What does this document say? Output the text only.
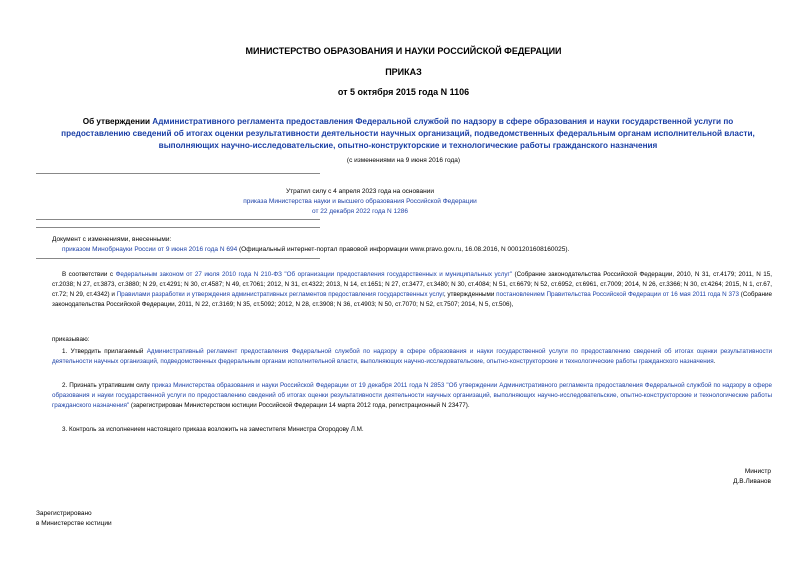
МИНИСТЕРСТВО ОБРАЗОВАНИЯ И НАУКИ РОССИЙСКОЙ ФЕДЕРАЦИИ
ПРИКАЗ
от 5 октября 2015 года N 1106
Об утверждении Административного регламента предоставления Федеральной службой по надзору в сфере образования и науки государственной услуги по предоставлению сведений об итогах оценки результативности деятельности научных организаций, подведомственных федеральным органам исполнительной власти, выполняющих научно-исследовательские, опытно-конструкторские и технологические работы гражданского назначения
(с изменениями на 9 июня 2016 года)
Утратил силу с 4 апреля 2023 года на основании
приказа Министерства науки и высшего образования Российской Федерации
от 22 декабря 2022 года N 1286
Документ с изменениями, внесенными:
приказом Минобрнауки России от 9 июня 2016 года N 694 (Официальный интернет-портал правовой информации www.pravo.gov.ru, 16.08.2016, N 0001201608160025).
В соответствии с Федеральным законом от 27 июля 2010 года N 210-ФЗ "Об организации предоставления государственных и муниципальных услуг" (Собрание законодательства Российской Федерации, 2010, N 31, ст.4179; 2011, N 15, ст.2038; N 27, ст.3873, ст.3880; N 29, ст.4291; N 30, ст.4587; N 49, ст.7061; 2012, N 31, ст.4322; 2013, N 14, ст.1651; N 27, ст.3477, ст.3480; N 30, ст.4084; N 51, ст.6679; N 52, ст.6952, ст.6961, ст.7009; 2014, N 26, ст.3366; N 30, ст.4264; 2015, N 1, ст.67, ст.72; N 29, ст.4342) и Правилами разработки и утверждения административных регламентов предоставления государственных услуг, утвержденными постановлением Правительства Российской Федерации от 16 мая 2011 года N 373 (Собрание законодательства Российской Федерации, 2011, N 22, ст.3169; N 35, ст.5092; 2012, N 28, ст.3908; N 36, ст.4903; N 50, ст.7070; N 52, ст.7507; 2014, N 5, ст.506),
приказываю:
1. Утвердить прилагаемый Административный регламент предоставления Федеральной службой по надзору в сфере образования и науки государственной услуги по предоставлению сведений об итогах оценки результативности деятельности научных организаций, подведомственных федеральным органам исполнительной власти, выполняющих научно-исследовательские, опытно-конструкторские и технологические работы гражданского назначения.
2. Признать утратившим силу приказ Министерства образования и науки Российской Федерации от 19 декабря 2011 года N 2853 "Об утверждении Административного регламента предоставления Федеральной службой по надзору в сфере образования и науки государственной услуги по предоставлению сведений об итогах оценки результативности деятельности научных организаций, выполняющих научно-исследовательские, опытно-конструкторские и технологические работы гражданского назначения" (зарегистрирован Министерством юстиции Российской Федерации 14 марта 2012 года, регистрационный N 23477).
3. Контроль за исполнением настоящего приказа возложить на заместителя Министра Огородову Л.М.
Министр
Д.В.Ливанов
Зарегистрировано
в Министерстве юстиции
